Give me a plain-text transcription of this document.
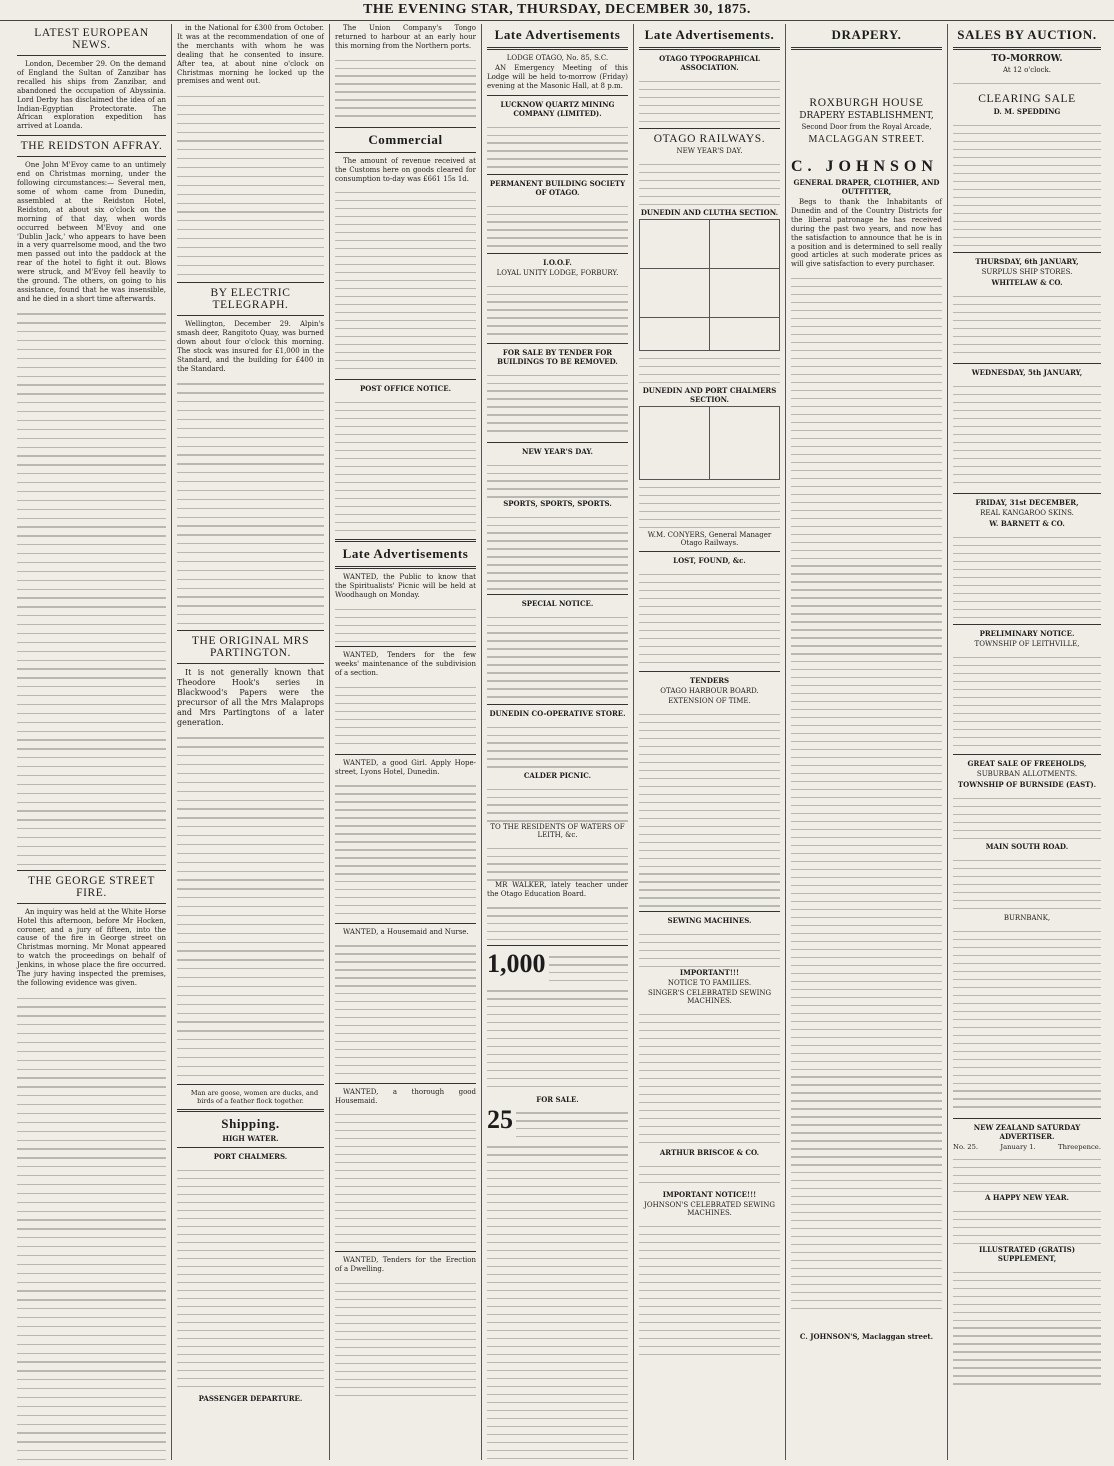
THE EVENING STAR, THURSDAY, DECEMBER 30, 1875.
LATEST EUROPEAN NEWS.

London, December 29. On the demand of England the Sultan of Zanzibar has recalled his ships from Zanzibar, and abandoned the occupation of Abyssinia. Lord Derby has disclaimed the idea of an Indian-Egyptian Protectorate. The African exploration expedition has arrived at Loanda.

THE REIDSTON AFFRAY.

One John M'Evoy came to an untimely end on Christmas morning, under the following circumstances:— Several men, some of whom came from Dunedin, assembled at the Reidston Hotel, Reidston, at about six o'clock on the morning of that day, when words occurred between M'Evoy and one 'Dublin Jack,' who appears to have been in a very quarrelsome mood, and the two men passed out into the paddock at the rear of the hotel to fight it out. Blows were struck, and M'Evoy fell heavily to the ground. The others, on going to his assistance, found that he was insensible, and he died in a short time afterwards.

THE GEORGE STREET FIRE.

An inquiry was held at the White Horse Hotel this afternoon, before Mr Hocken, coroner, and a jury of fifteen, into the cause of the fire in George street on Christmas morning. Mr Monat appeared to watch the proceedings on behalf of Jenkins, in whose place the fire occurred. The jury having inspected the premises, the following evidence was given.

in the National for £300 from October. It was at the recommendation of one of the merchants with whom he was dealing that he consented to insure. After tea, at about nine o'clock on Christmas morning he locked up the premises and went out.

BY ELECTRIC TELEGRAPH.

Wellington, December 29. Alpin's smash deer, Rangitoto Quay, was burned down about four o'clock this morning. The stock was insured for £1,000 in the Standard, and the building for £400 in the Standard.

THE ORIGINAL MRS PARTINGTON.

It is not generally known that Theodore Hook's series in Blackwood's Papers were the precursor of all the Mrs Malaprops and Mrs Partingtons of a later generation.

Man are goose, women are ducks, and birds of a feather flock together.

Shipping.
HIGH WATER.
PORT CHALMERS.
PASSENGER DEPARTURE.

The Union Company's Tongo returned to harbour at an early hour this morning from the Northern ports.

Commercial

The amount of revenue received at the Customs here on goods cleared for consumption to-day was £661 15s 1d.

POST OFFICE NOTICE.
Late Advertisements

WANTED, the Public to know that the Spiritualists' Picnic will be held at Woodhaugh on Monday.

WANTED, Tenders for the few weeks' maintenance of the subdivision of a section.

WANTED, a good Girl. Apply Hope-street, Lyons Hotel, Dunedin.

WANTED, a Housemaid and Nurse.

WANTED, a thorough good Housemaid.

WANTED, Tenders for the Erection of a Dwelling.

Late Advertisements
LODGE OTAGO, No. 85, S.C.

AN Emergency Meeting of this Lodge will be held to-morrow (Friday) evening at the Masonic Hall, at 8 p.m.

LUCKNOW QUARTZ MINING COMPANY (LIMITED).
PERMANENT BUILDING SOCIETY OF OTAGO.
I.O.O.F.
LOYAL UNITY LODGE, FORBURY.
FOR SALE BY TENDER FOR BUILDINGS TO BE REMOVED.
NEW YEAR'S DAY.
SPORTS, SPORTS, SPORTS.
SPECIAL NOTICE.
DUNEDIN CO-OPERATIVE STORE.
CALDER PICNIC.
TO THE RESIDENTS OF WATERS OF LEITH, &c.

MR WALKER, lately teacher under the Otago Education Board.

1,000
FOR SALE.
25
Late Advertisements.
OTAGO TYPOGRAPHICAL ASSOCIATION.
OTAGO RAILWAYS.
NEW YEAR'S DAY.
DUNEDIN AND CLUTHA SECTION.

DUNEDIN AND PORT CHALMERS SECTION.

W.M. CONYERS, General Manager Otago Railways.
LOST, FOUND, &c.
TENDERS
OTAGO HARBOUR BOARD.
EXTENSION OF TIME.
SEWING MACHINES.
IMPORTANT!!!
NOTICE TO FAMILIES.
SINGER'S CELEBRATED SEWING MACHINES.
ARTHUR BRISCOE & CO.
IMPORTANT NOTICE!!!
JOHNSON'S CELEBRATED SEWING MACHINES.
DRAPERY.
ROXBURGH HOUSE
DRAPERY ESTABLISHMENT,
Second Door from the Royal Arcade,
MACLAGGAN STREET.
C. JOHNSON
GENERAL DRAPER, CLOTHIER, AND OUTFITTER,

Begs to thank the Inhabitants of Dunedin and of the Country Districts for the liberal patronage he has received during the past two years, and now has the satisfaction to announce that he is in a position and is determined to sell really good articles at such moderate prices as will give satisfaction to every purchaser.

C. JOHNSON'S, Maclaggan street.
SALES BY AUCTION.
TO-MORROW.
At 12 o'clock.
CLEARING SALE
D. M. SPEDDING
THURSDAY, 6th JANUARY,
SURPLUS SHIP STORES.
WHITELAW & CO.
WEDNESDAY, 5th JANUARY,
FRIDAY, 31st DECEMBER,
REAL KANGAROO SKINS.
W. BARNETT & CO.
PRELIMINARY NOTICE.
TOWNSHIP OF LEITHVILLE,
GREAT SALE OF FREEHOLDS,
SUBURBAN ALLOTMENTS.
TOWNSHIP OF BURNSIDE (EAST).
MAIN SOUTH ROAD.
BURNBANK,
NEW ZEALAND SATURDAY ADVERTISER.
No. 25.	January 1.	Threepence.
A HAPPY NEW YEAR.
ILLUSTRATED (GRATIS) SUPPLEMENT,
